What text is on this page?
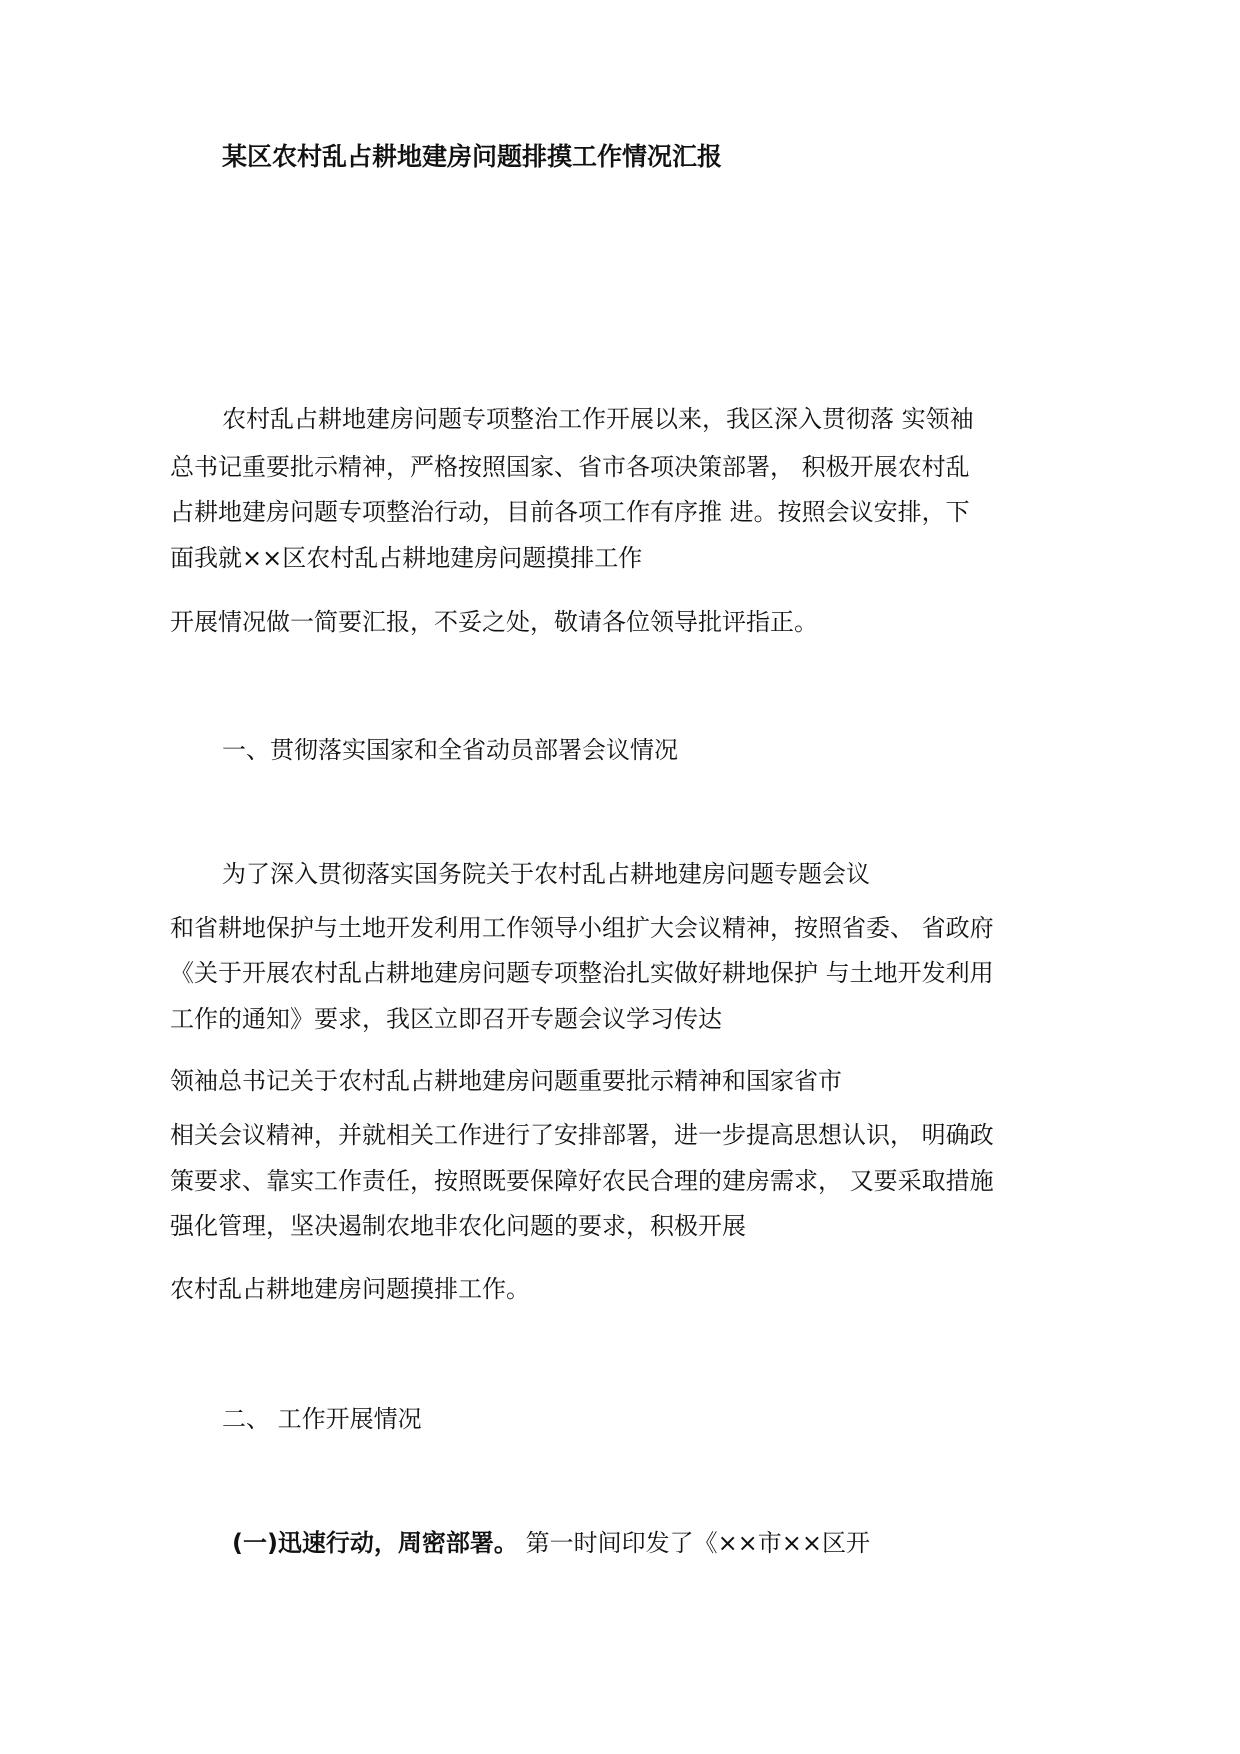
某区农村乱占耕地建房问题排摸工作情况汇报

农村乱占耕地建房问题专项整治工作开展以来，我区深入贯彻落 实领袖

总书记重要批示精神，严格按照国家、省市各项决策部署， 积极开展农村乱

占耕地建房问题专项整治行动，目前各项工作有序推 进。按照会议安排，下

面我就××区农村乱占耕地建房问题摸排工作

开展情况做一简要汇报，不妥之处，敬请各位领导批评指正。

一、贯彻落实国家和全省动员部署会议情况

为了深入贯彻落实国务院关于农村乱占耕地建房问题专题会议

和省耕地保护与土地开发利用工作领导小组扩大会议精神，按照省委、 省政府

《关于开展农村乱占耕地建房问题专项整治扎实做好耕地保护 与土地开发利用

工作的通知》要求，我区立即召开专题会议学习传达

领袖总书记关于农村乱占耕地建房问题重要批示精神和国家省市

相关会议精神，并就相关工作进行了安排部署，进一步提高思想认识， 明确政

策要求、靠实工作责任，按照既要保障好农民合理的建房需求， 又要采取措施

强化管理，坚决遏制农地非农化问题的要求，积极开展

农村乱占耕地建房问题摸排工作。

二、 工作开展情况

(一)迅速行动，周密部署。 第一时间印发了《××市××区开
